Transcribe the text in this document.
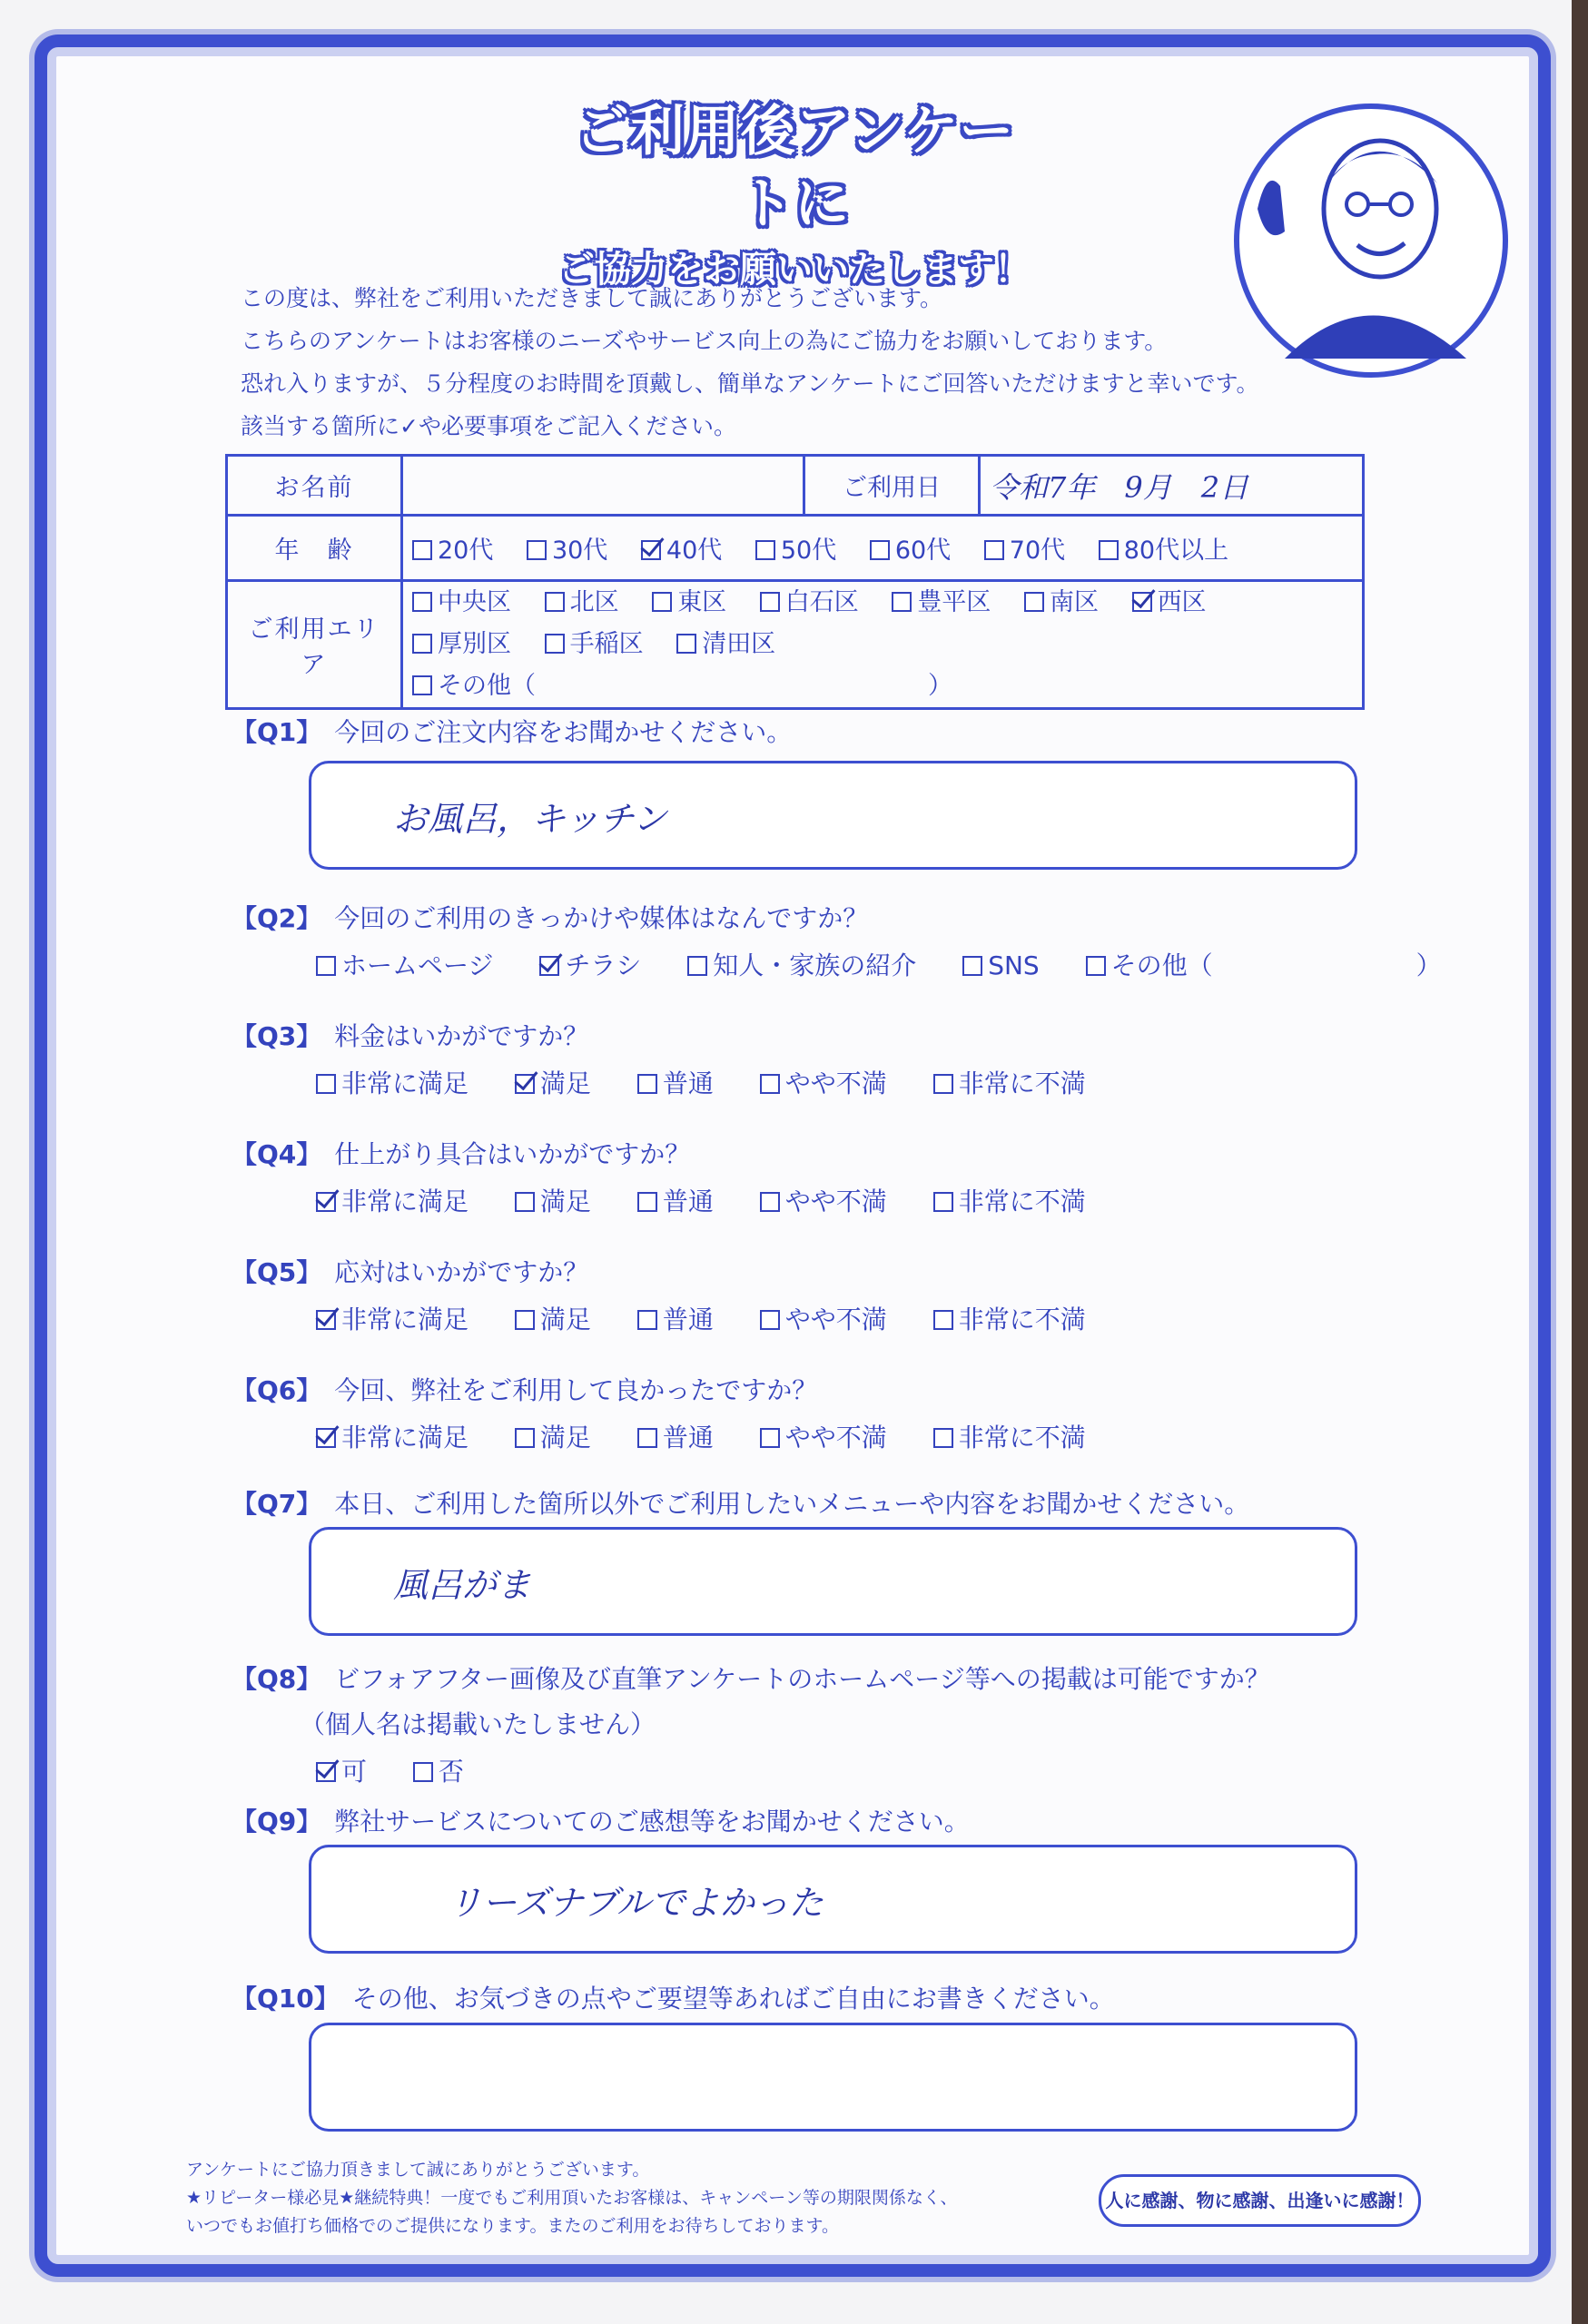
ご利用後アンケートに
ご協力をお願いいたします！
この度は、弊社をご利用いただきまして誠にありがとうございます。
こちらのアンケートはお客様のニーズやサービス向上の為にご協力をお願いしております。
恐れ入りますが、５分程度のお時間を頂戴し、簡単なアンケートにご回答いただけますと幸いです。
該当する箇所に✓や必要事項をご記入ください。
お名前		ご利用日	令和7年　9月　2日
年　齢	20代 30代 40代 50代 60代 70代 80代以上		
ご利用エリア	中央区 北区 東区 白石区 豊平区 南区 西区
厚別区 手稲区 清田区 その他（　　　　　　　　　　　　　　　　）		
【Q1】 今回のご注文内容をお聞かせください。
お風呂，キッチン
【Q2】 今回のご利用のきっかけや媒体はなんですか？
ホームページ	チラシ	知人・家族の紹介	SNS	その他（　　　　　　　　）
【Q3】 料金はいかがですか？
非常に満足	満足	普通	やや不満	非常に不満
【Q4】 仕上がり具合はいかがですか？
非常に満足	満足	普通	やや不満	非常に不満
【Q5】 応対はいかがですか？
非常に満足	満足	普通	やや不満	非常に不満
【Q6】 今回、弊社をご利用して良かったですか？
非常に満足	満足	普通	やや不満	非常に不満
【Q7】 本日、ご利用した箇所以外でご利用したいメニューや内容をお聞かせください。
風呂がま
【Q8】 ビフォアフター画像及び直筆アンケートのホームページ等への掲載は可能ですか？
（個人名は掲載いたしません）
可	否
【Q9】 弊社サービスについてのご感想等をお聞かせください。
リーズナブルでよかった
【Q10】 その他、お気づきの点やご要望等あればご自由にお書きください。
アンケートにご協力頂きまして誠にありがとうございます。
★リピーター様必見★継続特典！一度でもご利用頂いたお客様は、キャンペーン等の期限関係なく、
いつでもお値打ち価格でのご提供になります。またのご利用をお待ちしております。
人に感謝、物に感謝、出逢いに感謝！
